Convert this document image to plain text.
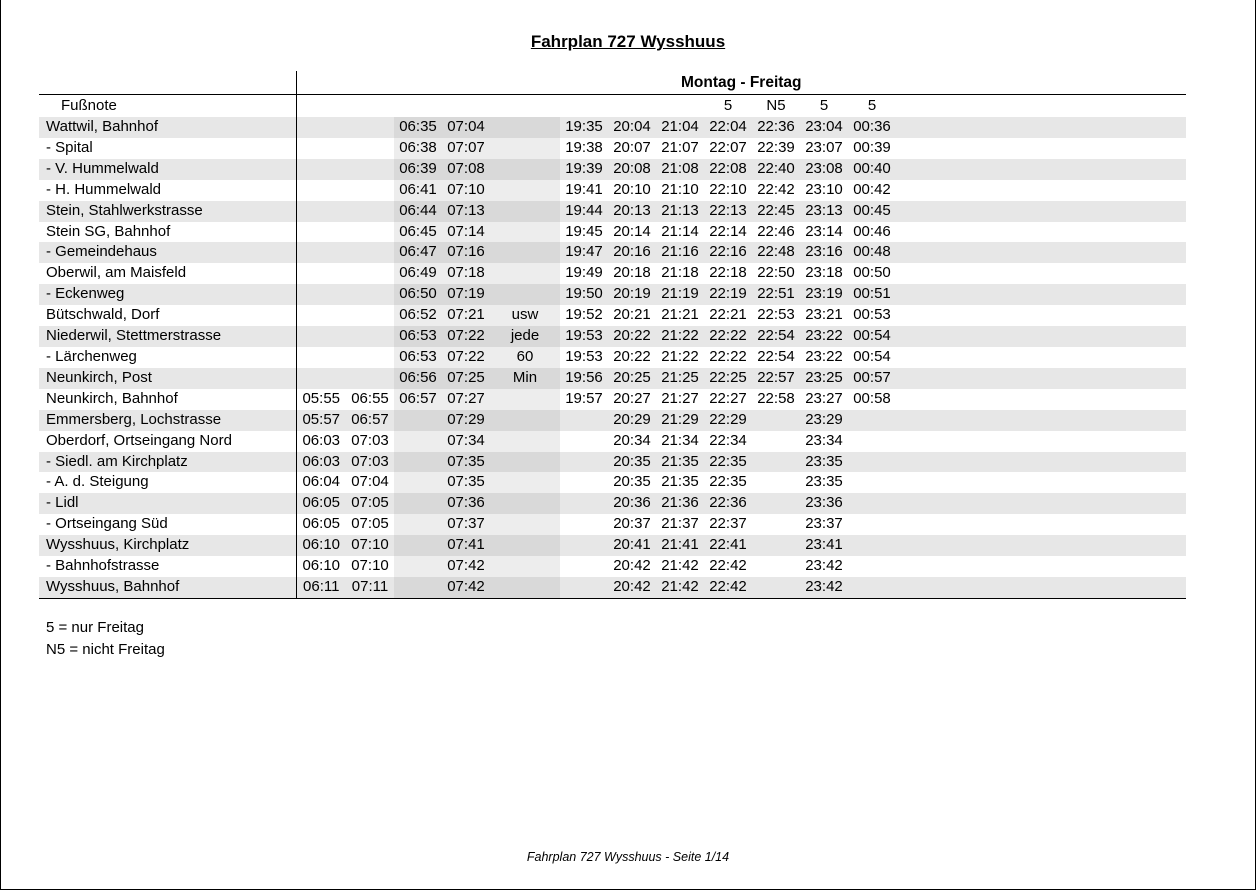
Fahrplan 727 Wysshuus
	Montag - Freitag												
Fußnote									5	N5	5	5	
Wattwil, Bahnhof			06:35	07:04		19:35	20:04	21:04	22:04	22:36	23:04	00:36	
- Spital			06:38	07:07		19:38	20:07	21:07	22:07	22:39	23:07	00:39	
- V. Hummelwald			06:39	07:08		19:39	20:08	21:08	22:08	22:40	23:08	00:40	
- H. Hummelwald			06:41	07:10		19:41	20:10	21:10	22:10	22:42	23:10	00:42	
Stein, Stahlwerkstrasse			06:44	07:13		19:44	20:13	21:13	22:13	22:45	23:13	00:45	
Stein SG, Bahnhof			06:45	07:14		19:45	20:14	21:14	22:14	22:46	23:14	00:46	
- Gemeindehaus			06:47	07:16		19:47	20:16	21:16	22:16	22:48	23:16	00:48	
Oberwil, am Maisfeld			06:49	07:18		19:49	20:18	21:18	22:18	22:50	23:18	00:50	
- Eckenweg			06:50	07:19		19:50	20:19	21:19	22:19	22:51	23:19	00:51	
Bütschwald, Dorf			06:52	07:21	usw	19:52	20:21	21:21	22:21	22:53	23:21	00:53	
Niederwil, Stettmerstrasse			06:53	07:22	jede	19:53	20:22	21:22	22:22	22:54	23:22	00:54	
- Lärchenweg			06:53	07:22	60	19:53	20:22	21:22	22:22	22:54	23:22	00:54	
Neunkirch, Post			06:56	07:25	Min	19:56	20:25	21:25	22:25	22:57	23:25	00:57	
Neunkirch, Bahnhof	05:55	06:55	06:57	07:27		19:57	20:27	21:27	22:27	22:58	23:27	00:58	
Emmersberg, Lochstrasse	05:57	06:57		07:29			20:29	21:29	22:29		23:29		
Oberdorf, Ortseingang Nord	06:03	07:03		07:34			20:34	21:34	22:34		23:34		
- Siedl. am Kirchplatz	06:03	07:03		07:35			20:35	21:35	22:35		23:35		
- A. d. Steigung	06:04	07:04		07:35			20:35	21:35	22:35		23:35		
- Lidl	06:05	07:05		07:36			20:36	21:36	22:36		23:36		
- Ortseingang Süd	06:05	07:05		07:37			20:37	21:37	22:37		23:37		
Wysshuus, Kirchplatz	06:10	07:10		07:41			20:41	21:41	22:41		23:41		
- Bahnhofstrasse	06:10	07:10		07:42			20:42	21:42	22:42		23:42		
Wysshuus, Bahnhof	06:11	07:11		07:42			20:42	21:42	22:42		23:42		
5 = nur Freitag
N5 = nicht Freitag
Fahrplan 727 Wysshuus - Seite 1/14
